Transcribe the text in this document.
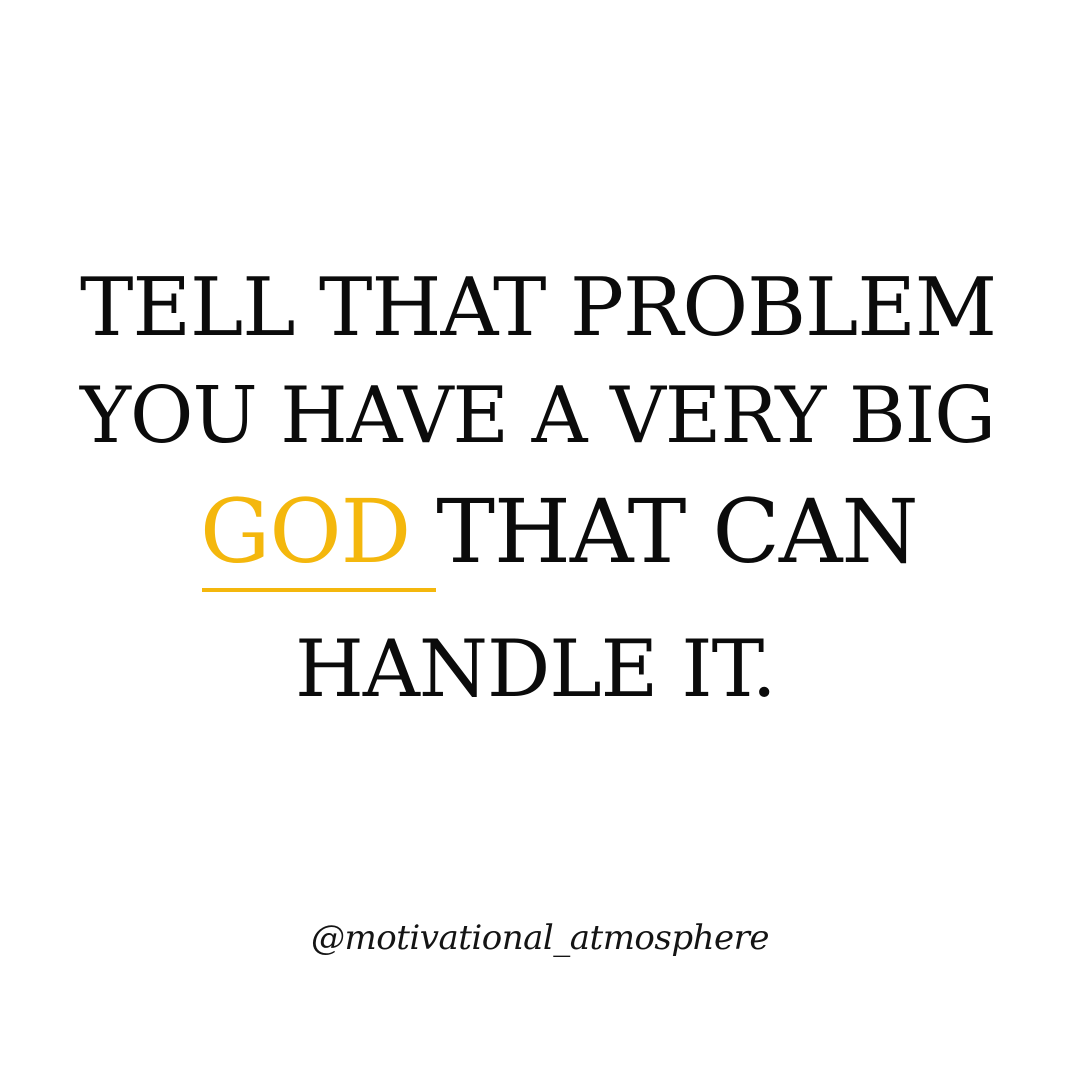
TELL THAT PROBLEM
YOU HAVE A VERY BIG
GOD THAT CAN
HANDLE IT.
@motivational_atmosphere
